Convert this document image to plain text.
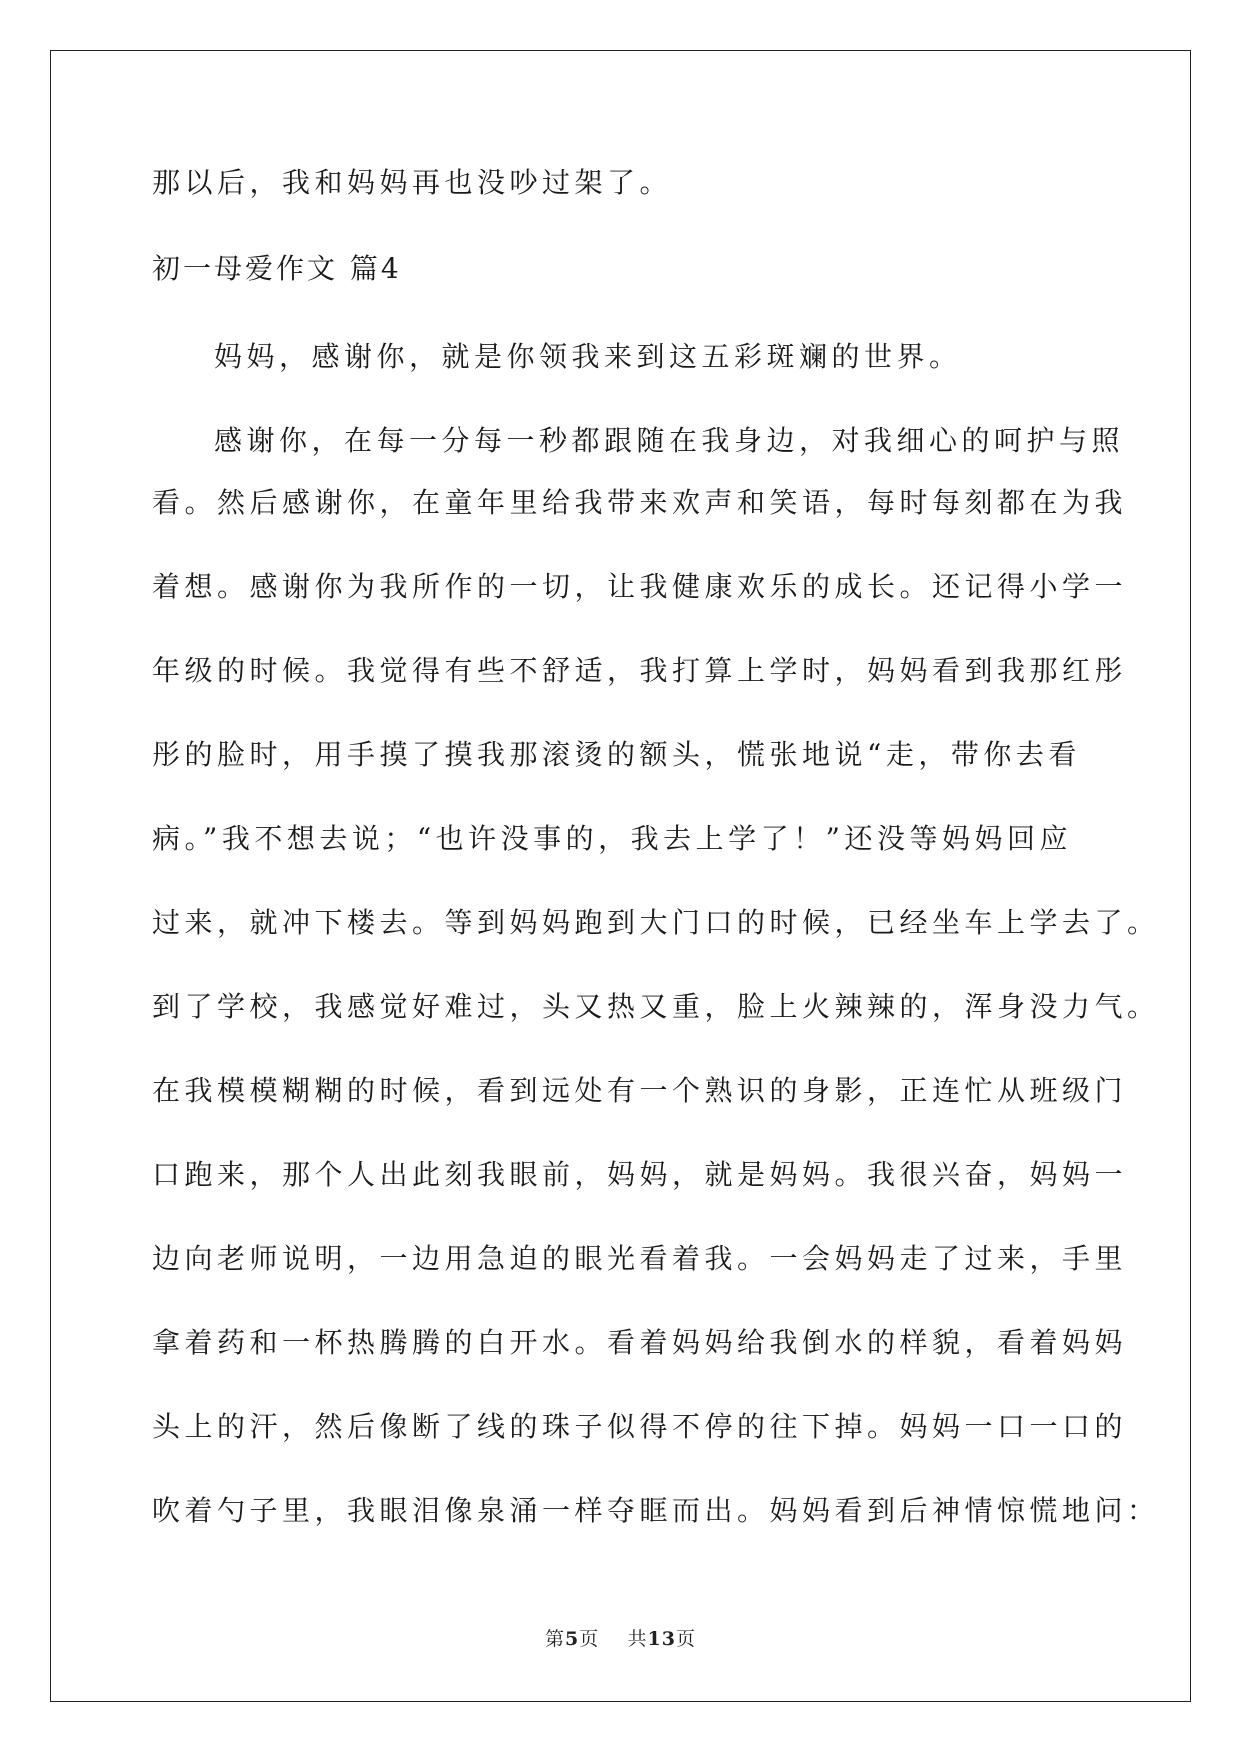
那以后，我和妈妈再也没吵过架了。

初一母爱作文 篇4

妈妈，感谢你，就是你领我来到这五彩斑斓的世界。

感谢你，在每一分每一秒都跟随在我身边，对我细心的呵护与照

看。然后感谢你，在童年里给我带来欢声和笑语，每时每刻都在为我

着想。感谢你为我所作的一切，让我健康欢乐的成长。还记得小学一

年级的时候。我觉得有些不舒适，我打算上学时，妈妈看到我那红彤

彤的脸时，用手摸了摸我那滚烫的额头，慌张地说“走，带你去看

病。”我不想去说；“也许没事的，我去上学了！”还没等妈妈回应

过来，就冲下楼去。等到妈妈跑到大门口的时候，已经坐车上学去了。

到了学校，我感觉好难过，头又热又重，脸上火辣辣的，浑身没力气。

在我模模糊糊的时候，看到远处有一个熟识的身影，正连忙从班级门

口跑来，那个人出此刻我眼前，妈妈，就是妈妈。我很兴奋，妈妈一

边向老师说明，一边用急迫的眼光看着我。一会妈妈走了过来，手里

拿着药和一杯热腾腾的白开水。看着妈妈给我倒水的样貌，看着妈妈

头上的汗，然后像断了线的珠子似得不停的往下掉。妈妈一口一口的

吹着勺子里，我眼泪像泉涌一样夺眶而出。妈妈看到后神情惊慌地问：

第5页 共13页
